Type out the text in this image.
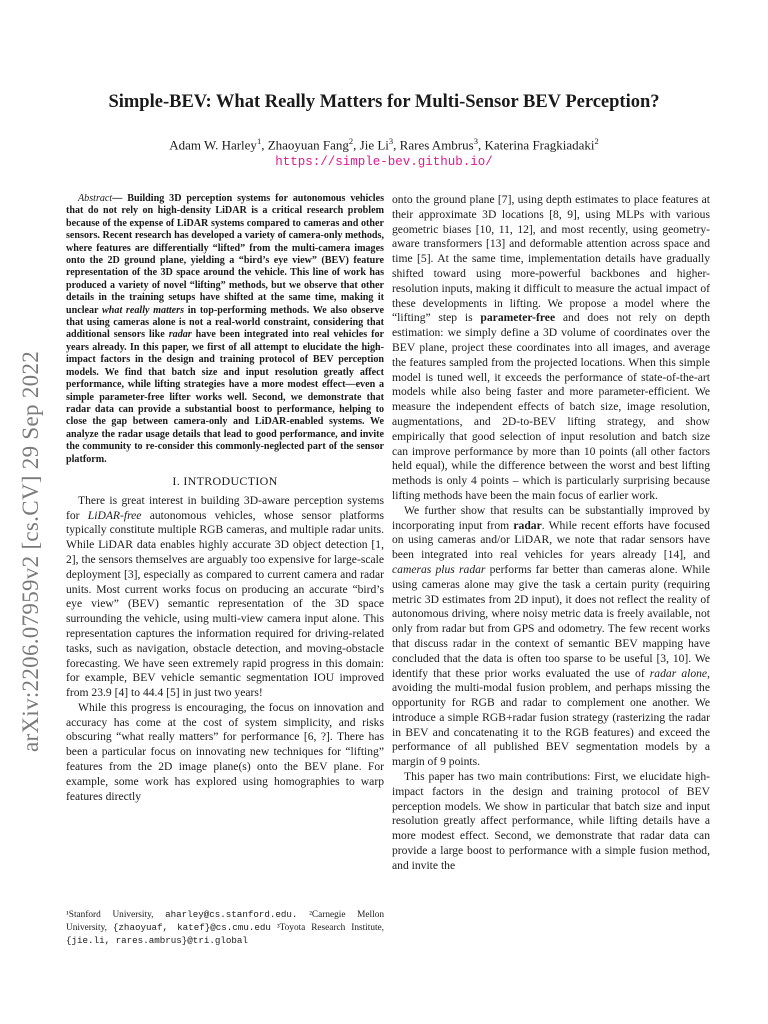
arXiv:2206.07959v2 [cs.CV] 29 Sep 2022
Simple-BEV: What Really Matters for Multi-Sensor BEV Perception?
Adam W. Harley$^1$, Zhaoyuan Fang$^2$, Jie Li$^3$, Rares Ambrus$^3$, Katerina Fragkiadaki$^2$
https://simple-bev.github.io/

Abstract— Building 3D perception systems for autonomous vehicles that do not rely on high-density LiDAR is a critical research problem because of the expense of LiDAR systems compared to cameras and other sensors. Recent research has developed a variety of camera-only methods, where features are differentially “lifted” from the multi-camera images onto the 2D ground plane, yielding a “bird’s eye view” (BEV) feature representation of the 3D space around the vehicle. This line of work has produced a variety of novel “lifting” methods, but we observe that other details in the training setups have shifted at the same time, making it unclear what really matters in top-performing methods. We also observe that using cameras alone is not a real-world constraint, considering that additional sensors like radar have been integrated into real vehicles for years already. In this paper, we first of all attempt to elucidate the high-impact factors in the design and training protocol of BEV perception models. We find that batch size and input resolution greatly affect performance, while lifting strategies have a more modest effect—even a simple parameter-free lifter works well. Second, we demonstrate that radar data can provide a substantial boost to performance, helping to close the gap between camera-only and LiDAR-enabled systems. We analyze the radar usage details that lead to good performance, and invite the community to re-consider this commonly-neglected part of the sensor platform.

I. INTRODUCTION

There is great interest in building 3D-aware perception systems for LiDAR-free autonomous vehicles, whose sensor platforms typically constitute multiple RGB cameras, and multiple radar units. While LiDAR data enables highly accurate 3D object detection [1, 2], the sensors themselves are arguably too expensive for large-scale deployment [3], especially as compared to current camera and radar units. Most current works focus on producing an accurate “bird’s eye view” (BEV) semantic representation of the 3D space surrounding the vehicle, using multi-view camera input alone. This representation captures the information required for driving-related tasks, such as navigation, obstacle detection, and moving-obstacle forecasting. We have seen extremely rapid progress in this domain: for example, BEV vehicle semantic segmentation IOU improved from 23.9 [4] to 44.4 [5] in just two years!

While this progress is encouraging, the focus on innovation and accuracy has come at the cost of system simplicity, and risks obscuring “what really matters” for performance [6, ?]. There has been a particular focus on innovating new techniques for “lifting” features from the 2D image plane(s) onto the BEV plane. For example, some work has explored using homographies to warp features directly

¹Stanford University, aharley@cs.stanford.edu. ²Carnegie Mellon University, {zhaoyuaf, katef}@cs.cmu.edu ³Toyota Research Institute, {jie.li, rares.ambrus}@tri.global

onto the ground plane [7], using depth estimates to place features at their approximate 3D locations [8, 9], using MLPs with various geometric biases [10, 11, 12], and most recently, using geometry-aware transformers [13] and deformable attention across space and time [5]. At the same time, implementation details have gradually shifted toward using more-powerful backbones and higher-resolution inputs, making it difficult to measure the actual impact of these developments in lifting. We propose a model where the “lifting” step is parameter-free and does not rely on depth estimation: we simply define a 3D volume of coordinates over the BEV plane, project these coordinates into all images, and average the features sampled from the projected locations. When this simple model is tuned well, it exceeds the performance of state-of-the-art models while also being faster and more parameter-efficient. We measure the independent effects of batch size, image resolution, augmentations, and 2D-to-BEV lifting strategy, and show empirically that good selection of input resolution and batch size can improve performance by more than 10 points (all other factors held equal), while the difference between the worst and best lifting methods is only 4 points – which is particularly surprising because lifting methods have been the main focus of earlier work.

We further show that results can be substantially improved by incorporating input from radar. While recent efforts have focused on using cameras and/or LiDAR, we note that radar sensors have been integrated into real vehicles for years already [14], and cameras plus radar performs far better than cameras alone. While using cameras alone may give the task a certain purity (requiring metric 3D estimates from 2D input), it does not reflect the reality of autonomous driving, where noisy metric data is freely available, not only from radar but from GPS and odometry. The few recent works that discuss radar in the context of semantic BEV mapping have concluded that the data is often too sparse to be useful [3, 10]. We identify that these prior works evaluated the use of radar alone, avoiding the multi-modal fusion problem, and perhaps missing the opportunity for RGB and radar to complement one another. We introduce a simple RGB+radar fusion strategy (rasterizing the radar in BEV and concatenating it to the RGB features) and exceed the performance of all published BEV segmentation models by a margin of 9 points.

This paper has two main contributions: First, we elucidate high-impact factors in the design and training protocol of BEV perception models. We show in particular that batch size and input resolution greatly affect performance, while lifting details have a more modest effect. Second, we demonstrate that radar data can provide a large boost to performance with a simple fusion method, and invite the
